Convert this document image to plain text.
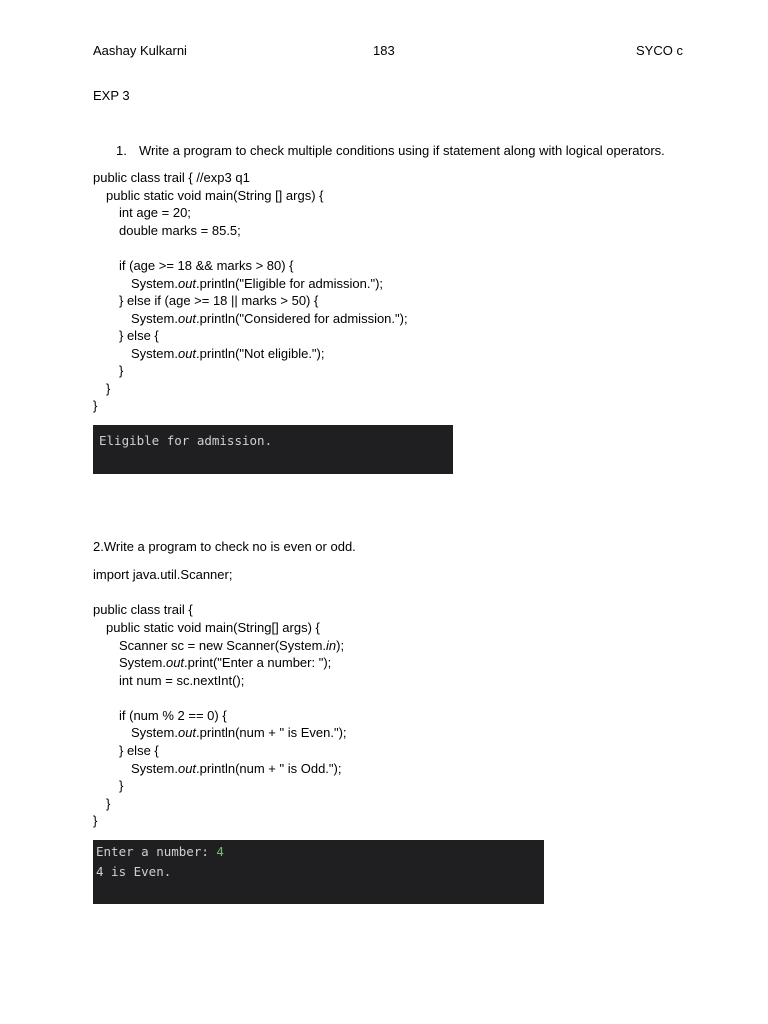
Aashay Kulkarni	183	SYCO c
EXP 3
1. Write a program to check multiple conditions using if statement along with logical operators.
public class trail { //exp3 q1
public static void main(String [] args) {
int age = 20;
double marks = 85.5;
if (age >= 18 && marks > 80) {
System.out.println("Eligible for admission.");
} else if (age >= 18 || marks > 50) {
System.out.println("Considered for admission.");
} else {
System.out.println("Not eligible.");
}
}
}
Eligible for admission.
2.Write a program to check no is even or odd.
import java.util.Scanner;
public class trail {
public static void main(String[] args) {
Scanner sc = new Scanner(System.in);
System.out.print("Enter a number: ");
int num = sc.nextInt();
if (num % 2 == 0) {
System.out.println(num + " is Even.");
} else {
System.out.println(num + " is Odd.");
}
}
}
Enter a number: 4
4 is Even.
